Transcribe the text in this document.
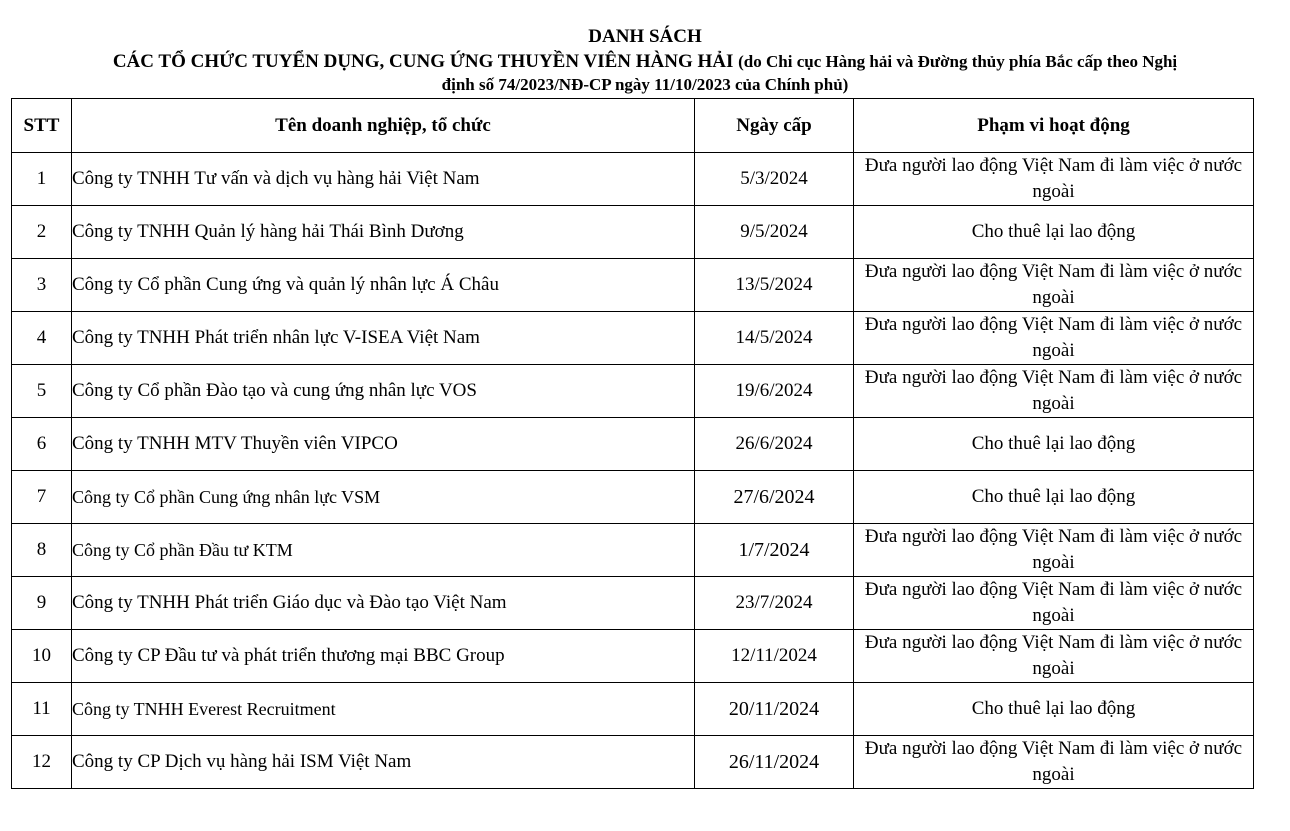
DANH SÁCH
CÁC TỔ CHỨC TUYỂN DỤNG, CUNG ỨNG THUYỀN VIÊN HÀNG HẢI (do Chi cục Hàng hải và Đường thủy phía Bắc cấp theo Nghị
định số 74/2023/NĐ-CP ngày 11/10/2023 của Chính phủ)
STT	Tên doanh nghiệp, tổ chức	Ngày cấp	Phạm vi hoạt động
1	Công ty TNHH Tư vấn và dịch vụ hàng hải Việt Nam	5/3/2024	Đưa người lao động Việt Nam đi làm việc ở nước ngoài
2	Công ty TNHH Quản lý hàng hải Thái Bình Dương	9/5/2024	Cho thuê lại lao động
3	Công ty Cổ phần Cung ứng và quản lý nhân lực Á Châu	13/5/2024	Đưa người lao động Việt Nam đi làm việc ở nước ngoài
4	Công ty TNHH Phát triển nhân lực V-ISEA Việt Nam	14/5/2024	Đưa người lao động Việt Nam đi làm việc ở nước ngoài
5	Công ty Cổ phần Đào tạo và cung ứng nhân lực VOS	19/6/2024	Đưa người lao động Việt Nam đi làm việc ở nước ngoài
6	Công ty TNHH MTV Thuyền viên VIPCO	26/6/2024	Cho thuê lại lao động
7	Công ty Cổ phần Cung ứng nhân lực VSM	27/6/2024	Cho thuê lại lao động
8	Công ty Cổ phần Đầu tư KTM	1/7/2024	Đưa người lao động Việt Nam đi làm việc ở nước ngoài
9	Công ty TNHH Phát triển Giáo dục và Đào tạo Việt Nam	23/7/2024	Đưa người lao động Việt Nam đi làm việc ở nước ngoài
10	Công ty CP Đầu tư và phát triển thương mại BBC Group	12/11/2024	Đưa người lao động Việt Nam đi làm việc ở nước ngoài
11	Công ty TNHH Everest Recruitment	20/11/2024	Cho thuê lại lao động
12	Công ty CP Dịch vụ hàng hải ISM Việt Nam	26/11/2024	Đưa người lao động Việt Nam đi làm việc ở nước ngoài
